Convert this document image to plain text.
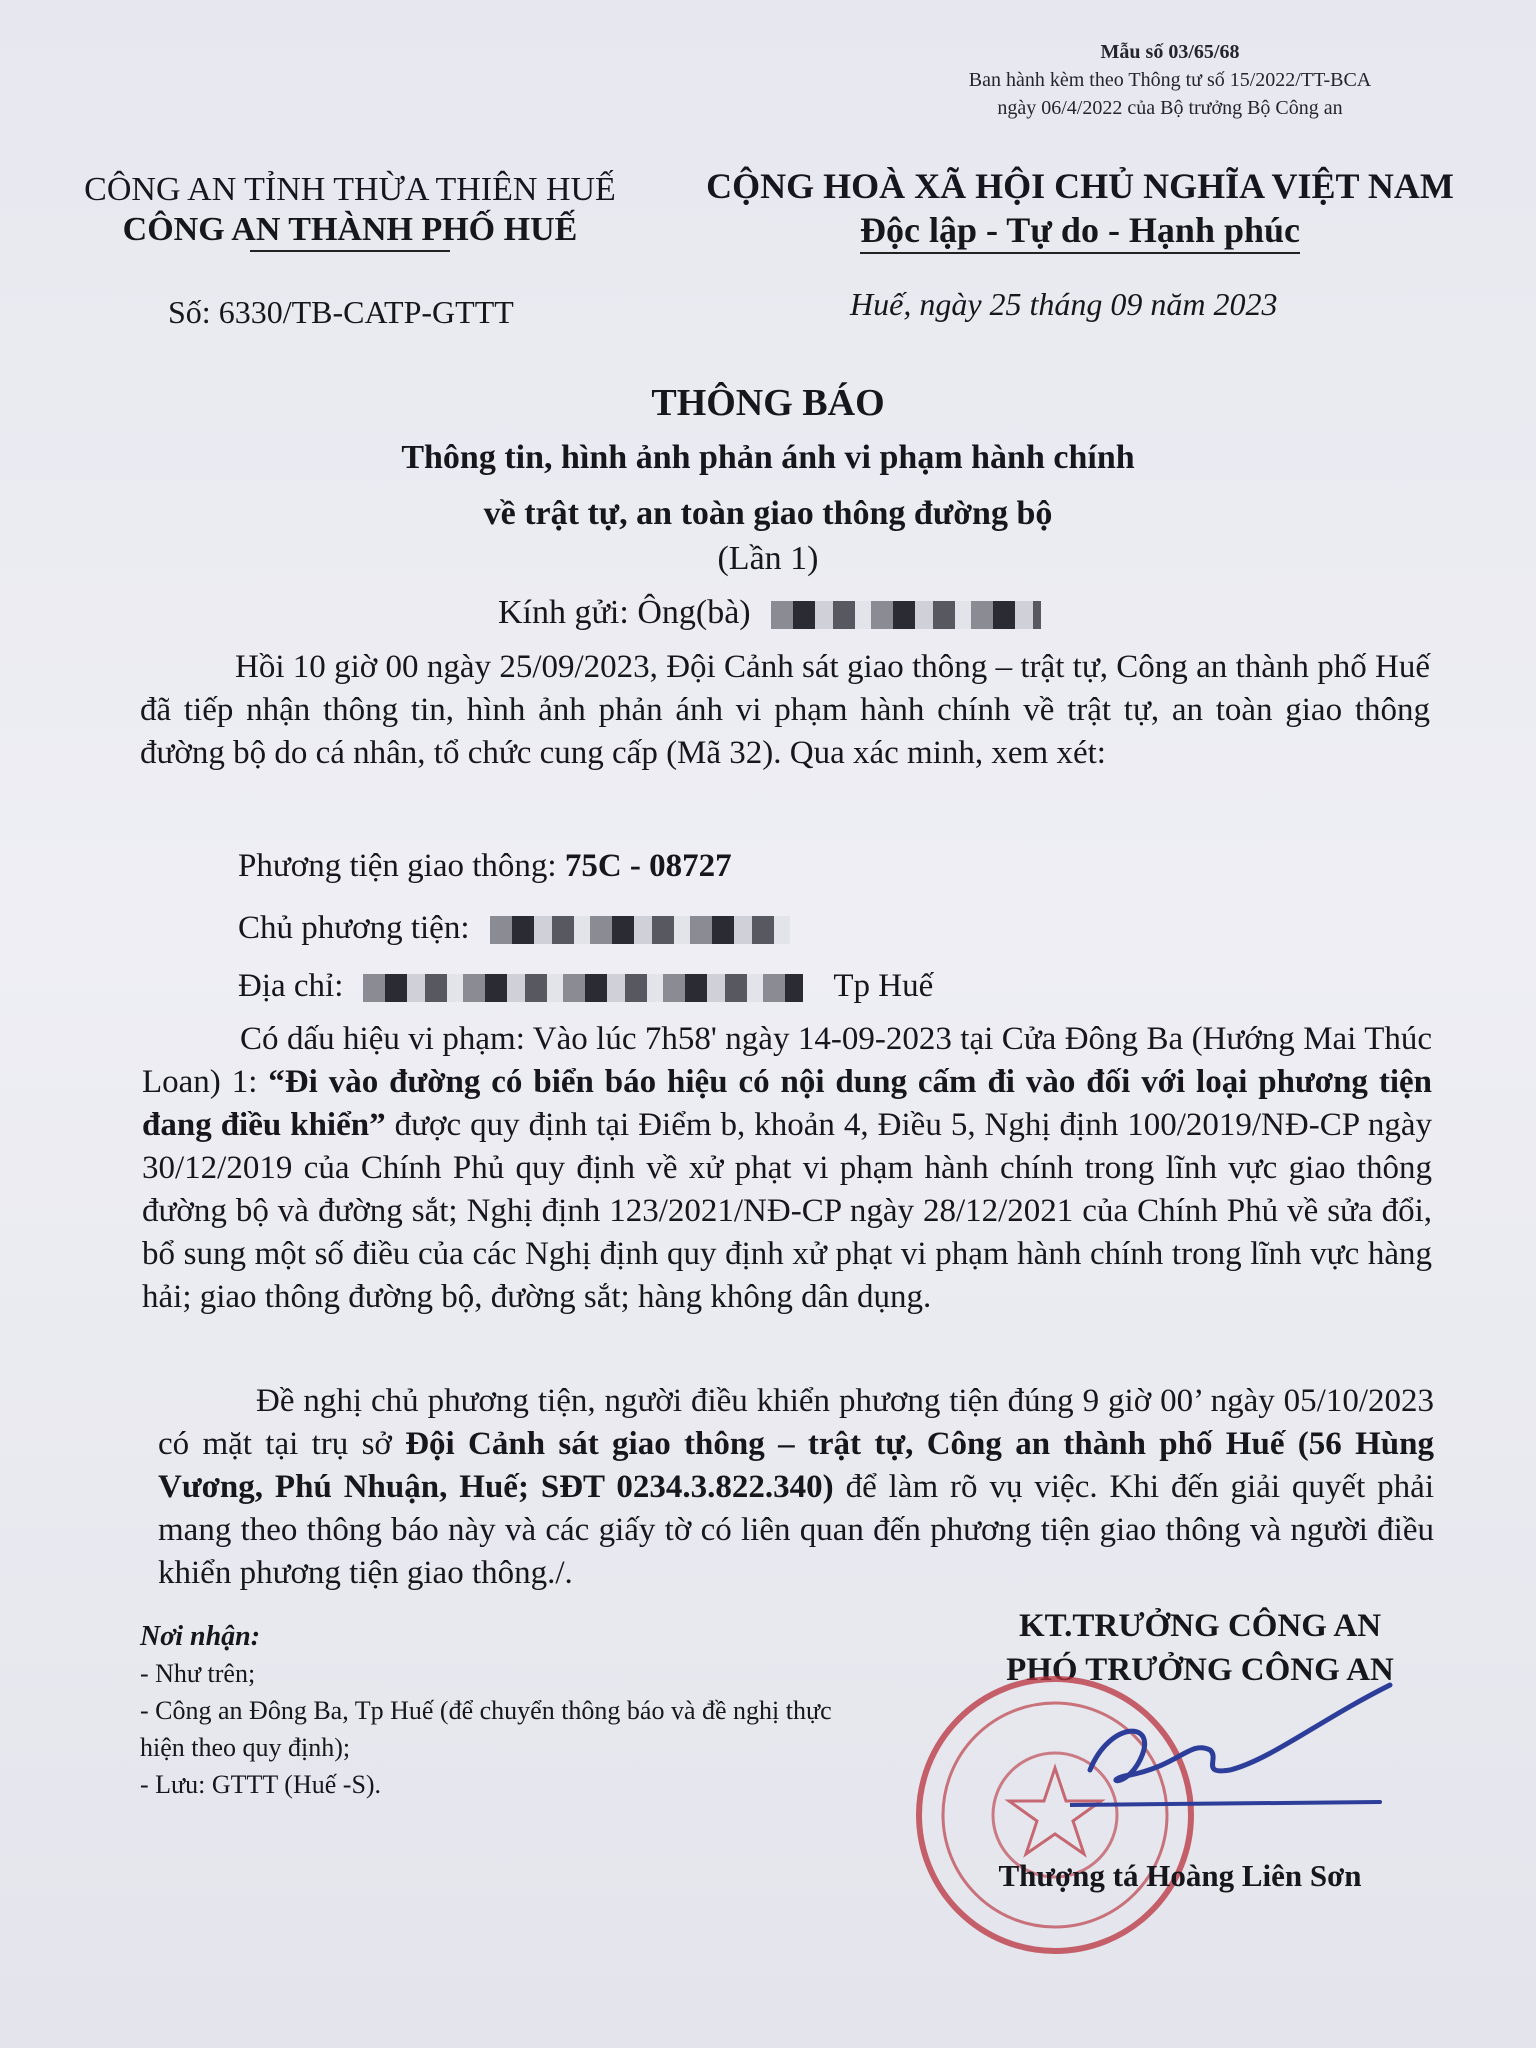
Mẫu số 03/65/68
Ban hành kèm theo Thông tư số 15/2022/TT-BCA
ngày 06/4/2022 của Bộ trưởng Bộ Công an
CÔNG AN TỈNH THỪA THIÊN HUẾ
CÔNG AN THÀNH PHỐ HUẾ
CỘNG HOÀ XÃ HỘI CHỦ NGHĨA VIỆT NAM
Độc lập - Tự do - Hạnh phúc
Số: 6330/TB-CATP-GTTT	Huế, ngày 25 tháng 09 năm 2023
THÔNG BÁO
Thông tin, hình ảnh phản ánh vi phạm hành chính
về trật tự, an toàn giao thông đường bộ
(Lần 1)
Kính gửi: Ông(bà)
Hồi 10 giờ 00 ngày 25/09/2023, Đội Cảnh sát giao thông – trật tự, Công an thành phố Huế đã tiếp nhận thông tin, hình ảnh phản ánh vi phạm hành chính về trật tự, an toàn giao thông đường bộ do cá nhân, tổ chức cung cấp (Mã 32). Qua xác minh, xem xét:
Phương tiện giao thông: 75C - 08727
Chủ phương tiện:
Địa chỉ:	Tp Huế
Có dấu hiệu vi phạm: Vào lúc 7h58' ngày 14-09-2023 tại Cửa Đông Ba (Hướng Mai Thúc Loan) 1: “Đi vào đường có biển báo hiệu có nội dung cấm đi vào đối với loại phương tiện đang điều khiển” được quy định tại Điểm b, khoản 4, Điều 5, Nghị định 100/2019/NĐ-CP ngày 30/12/2019 của Chính Phủ quy định về xử phạt vi phạm hành chính trong lĩnh vực giao thông đường bộ và đường sắt; Nghị định 123/2021/NĐ-CP ngày 28/12/2021 của Chính Phủ về sửa đổi, bổ sung một số điều của các Nghị định quy định xử phạt vi phạm hành chính trong lĩnh vực hàng hải; giao thông đường bộ, đường sắt; hàng không dân dụng.
Đề nghị chủ phương tiện, người điều khiển phương tiện đúng 9 giờ 00’ ngày 05/10/2023 có mặt tại trụ sở Đội Cảnh sát giao thông – trật tự, Công an thành phố Huế (56 Hùng Vương, Phú Nhuận, Huế; SĐT 0234.3.822.340) để làm rõ vụ việc. Khi đến giải quyết phải mang theo thông báo này và các giấy tờ có liên quan đến phương tiện giao thông và người điều khiển phương tiện giao thông./.
Nơi nhận:
- Như trên;
- Công an Đông Ba, Tp Huế (để chuyển thông báo và đề nghị thực hiện theo quy định);
- Lưu: GTTT (Huế -S).
KT.TRƯỞNG CÔNG AN
PHÓ TRƯỞNG CÔNG AN
Thượng tá Hoàng Liên Sơn
